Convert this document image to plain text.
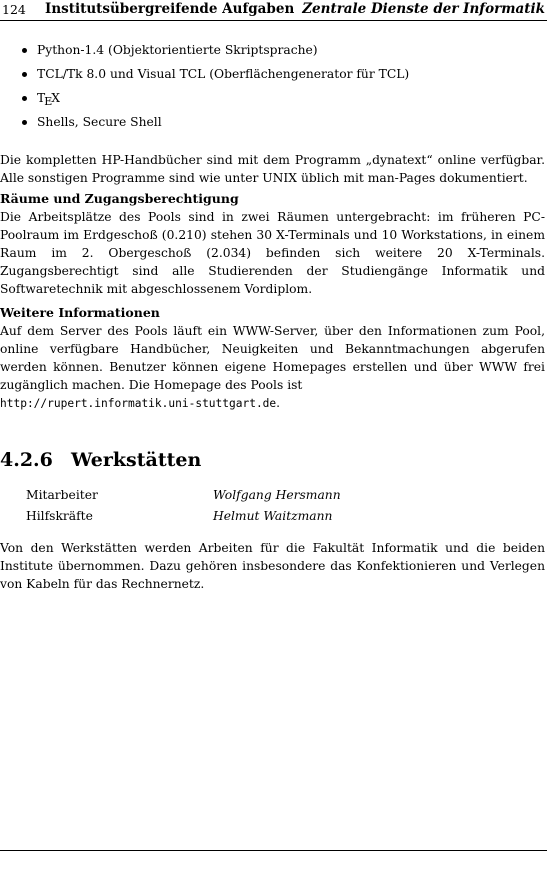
124 Institutsübergreifende Aufgaben Zentrale Dienste der Informatik
Python-1.4 (Objektorientierte Skriptsprache)
TCL/Tk 8.0 und Visual TCL (Oberflächengenerator für TCL)
TEX
Shells, Secure Shell

Die kompletten HP-Handbücher sind mit dem Programm „dynatext“ online verfügbar. Alle sonstigen Programme sind wie unter UNIX üblich mit man-Pages dokumentiert.

Räume und Zugangsberechtigung

Die Arbeitsplätze des Pools sind in zwei Räumen untergebracht: im früheren PC-Poolraum im Erdgeschoß (0.210) stehen 30 X-Terminals und 10 Workstations, in einem Raum im 2. Obergeschoß (2.034) befinden sich weitere 20 X-Terminals. Zugangsberechtigt sind alle Studierenden der Studiengänge Informatik und Softwaretechnik mit abgeschlossenem Vordiplom.

Weitere Informationen

Auf dem Server des Pools läuft ein WWW-Server, über den Informationen zum Pool, online verfügbare Handbücher, Neuigkeiten und Bekanntmachungen abgerufen werden können. Benutzer können eigene Homepages erstellen und über WWW frei zugänglich machen. Die Homepage des Pools ist
http://rupert.informatik.uni-stuttgart.de.

4.2.6 Werkstätten
Mitarbeiter	Wolfgang Hersmann
Hilfskräfte	Helmut Waitzmann

Von den Werkstätten werden Arbeiten für die Fakultät Informatik und die beiden Institute übernommen. Dazu gehören insbesondere das Konfektionieren und Verlegen von Kabeln für das Rechnernetz.
